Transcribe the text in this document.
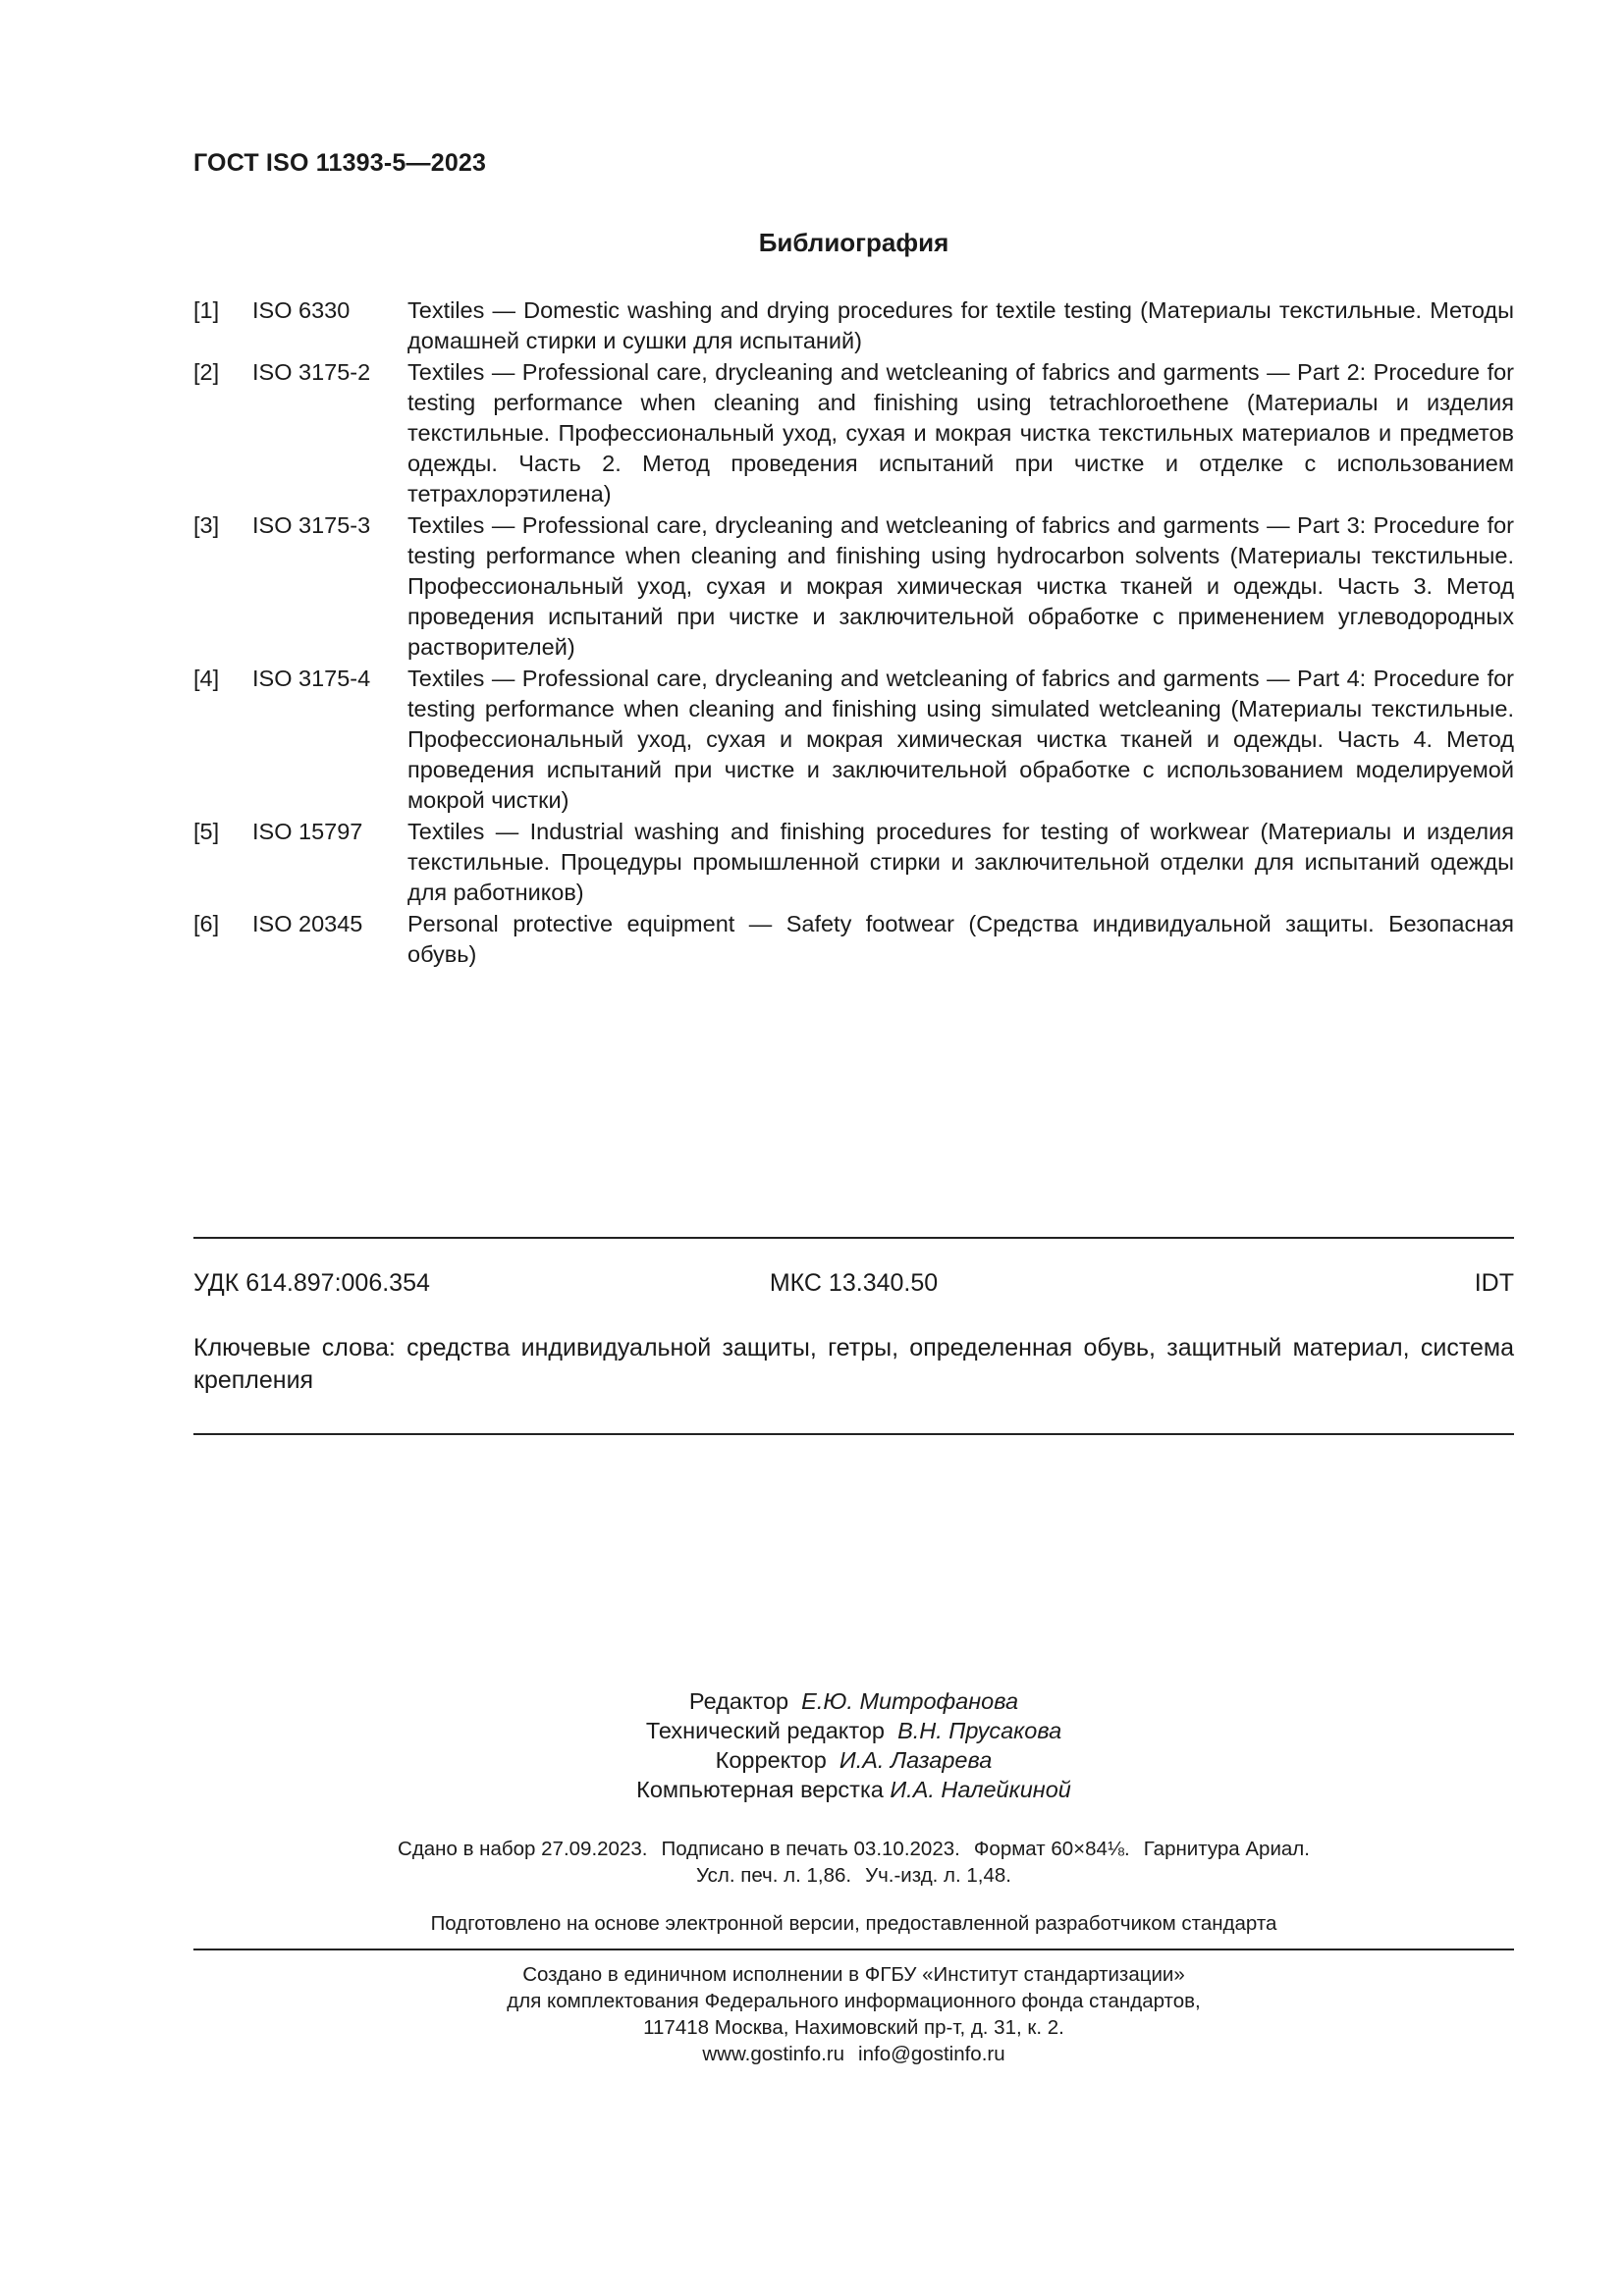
ГОСТ ISO 11393-5—2023
Библиография
[1]	ISO 6330	Textiles — Domestic washing and drying procedures for textile testing (Материалы текстильные. Методы домашней стирки и сушки для испытаний)
[2]	ISO 3175-2	Textiles — Professional care, drycleaning and wetcleaning of fabrics and garments — Part 2: Procedure for testing performance when cleaning and finishing using tetrachloroethene (Материалы и изделия текстильные. Профессиональный уход, сухая и мокрая чистка текстильных материалов и предметов одежды. Часть 2. Метод проведения испытаний при чистке и отделке с использованием тетрахлорэтилена)
[3]	ISO 3175-3	Textiles — Professional care, drycleaning and wetcleaning of fabrics and garments — Part 3: Procedure for testing performance when cleaning and finishing using hydrocarbon solvents (Материалы текстильные. Профессиональный уход, сухая и мокрая химическая чистка тканей и одежды. Часть 3. Метод проведения испытаний при чистке и заключительной обработке с применением углеводородных растворителей)
[4]	ISO 3175-4	Textiles — Professional care, drycleaning and wetcleaning of fabrics and garments — Part 4: Procedure for testing performance when cleaning and finishing using simulated wetcleaning (Материалы текстильные. Профессиональный уход, сухая и мокрая химическая чистка тканей и одежды. Часть 4. Метод проведения испытаний при чистке и заключительной обработке с использованием моделируемой мокрой чистки)
[5]	ISO 15797	Textiles — Industrial washing and finishing procedures for testing of workwear (Материалы и изделия текстильные. Процедуры промышленной стирки и заключительной отделки для испытаний одежды для работников)
[6]	ISO 20345	Personal protective equipment — Safety footwear (Средства индивидуальной защиты. Безопасная обувь)
УДК 614.897:006.354	МКС 13.340.50	IDT
Ключевые слова: средства индивидуальной защиты, гетры, определенная обувь, защитный материал, система крепления
Редактор Е.Ю. Митрофанова
Технический редактор В.Н. Прусакова
Корректор И.А. Лазарева
Компьютерная верстка И.А. Налейкиной
Сдано в набор 27.09.2023. Подписано в печать 03.10.2023. Формат 60×84⅛. Гарнитура Ариал.
Усл. печ. л. 1,86. Уч.-изд. л. 1,48.
Подготовлено на основе электронной версии, предоставленной разработчиком стандарта
Создано в единичном исполнении в ФГБУ «Институт стандартизации»
для комплектования Федерального информационного фонда стандартов,
117418 Москва, Нахимовский пр-т, д. 31, к. 2.
www.gostinfo.ru info@gostinfo.ru
